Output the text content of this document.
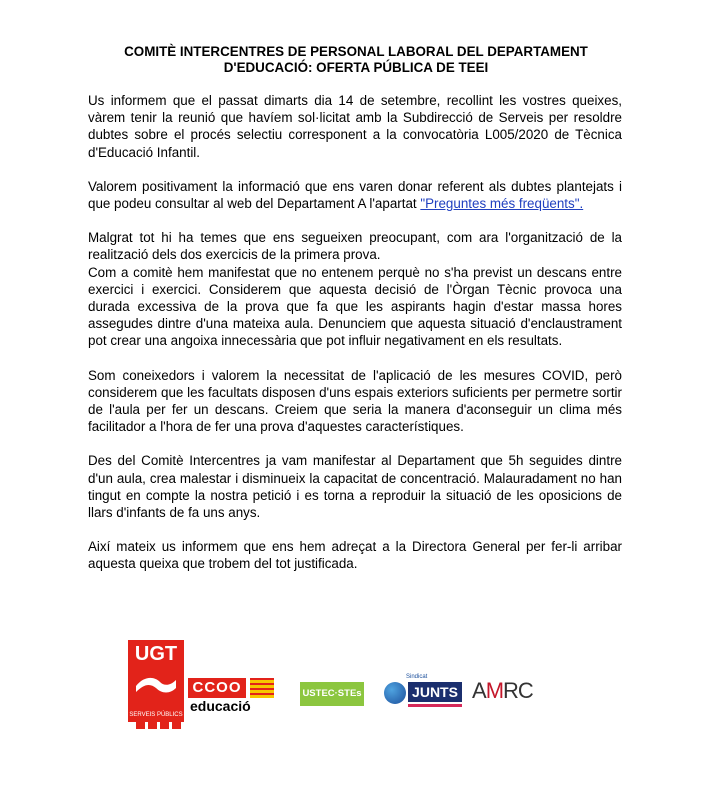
COMITÈ INTERCENTRES DE PERSONAL LABORAL DEL DEPARTAMENT
D'EDUCACIÓ: OFERTA PÚBLICA DE TEEI

Us informem que el passat dimarts dia 14 de setembre, recollint les vostres queixes, vàrem tenir la reunió que havíem sol·licitat amb la Subdirecció de Serveis per resoldre dubtes sobre el procés selectiu corresponent a la convocatòria L005/2020 de Tècnica d'Educació Infantil.

Valorem positivament la informació que ens varen donar referent als dubtes plantejats i que podeu consultar al web del Departament A l'apartat "Preguntes més freqüents".

Malgrat tot hi ha temes que ens segueixen preocupant, com ara l'organització de la realització dels dos exercicis de la primera prova.

Com a comitè hem manifestat que no entenem perquè no s'ha previst un descans entre exercici i exercici. Considerem que aquesta decisió de l'Òrgan Tècnic provoca una durada excessiva de la prova que fa que les aspirants hagin d'estar massa hores assegudes dintre d'una mateixa aula. Denunciem que aquesta situació d'enclaustrament pot crear una angoixa innecessària que pot influir negativament en els resultats.

Som coneixedors i valorem la necessitat de l'aplicació de les mesures COVID, però considerem que les facultats disposen d'uns espais exteriors suficients per permetre sortir de l'aula per fer un descans. Creiem que seria la manera d'aconseguir un clima més facilitador a l'hora de fer una prova d'aquestes característiques.

Des del Comitè Intercentres ja vam manifestar al Departament que 5h seguides dintre d'un aula, crea malestar i disminueix la capacitat de concentració. Malauradament no han tingut en compte la nostra petició i es torna a reproduir la situació de les oposicions de llars d'infants de fa uns anys.

Així mateix us informem que ens hem adreçat a la Directora General per fer-li arribar aquesta queixa que trobem del tot justificada.

UGT
SERVEIS PÚBLICS
CCOO
educació
USTEC·STEs
Sindicat
JUNTS AMRC
